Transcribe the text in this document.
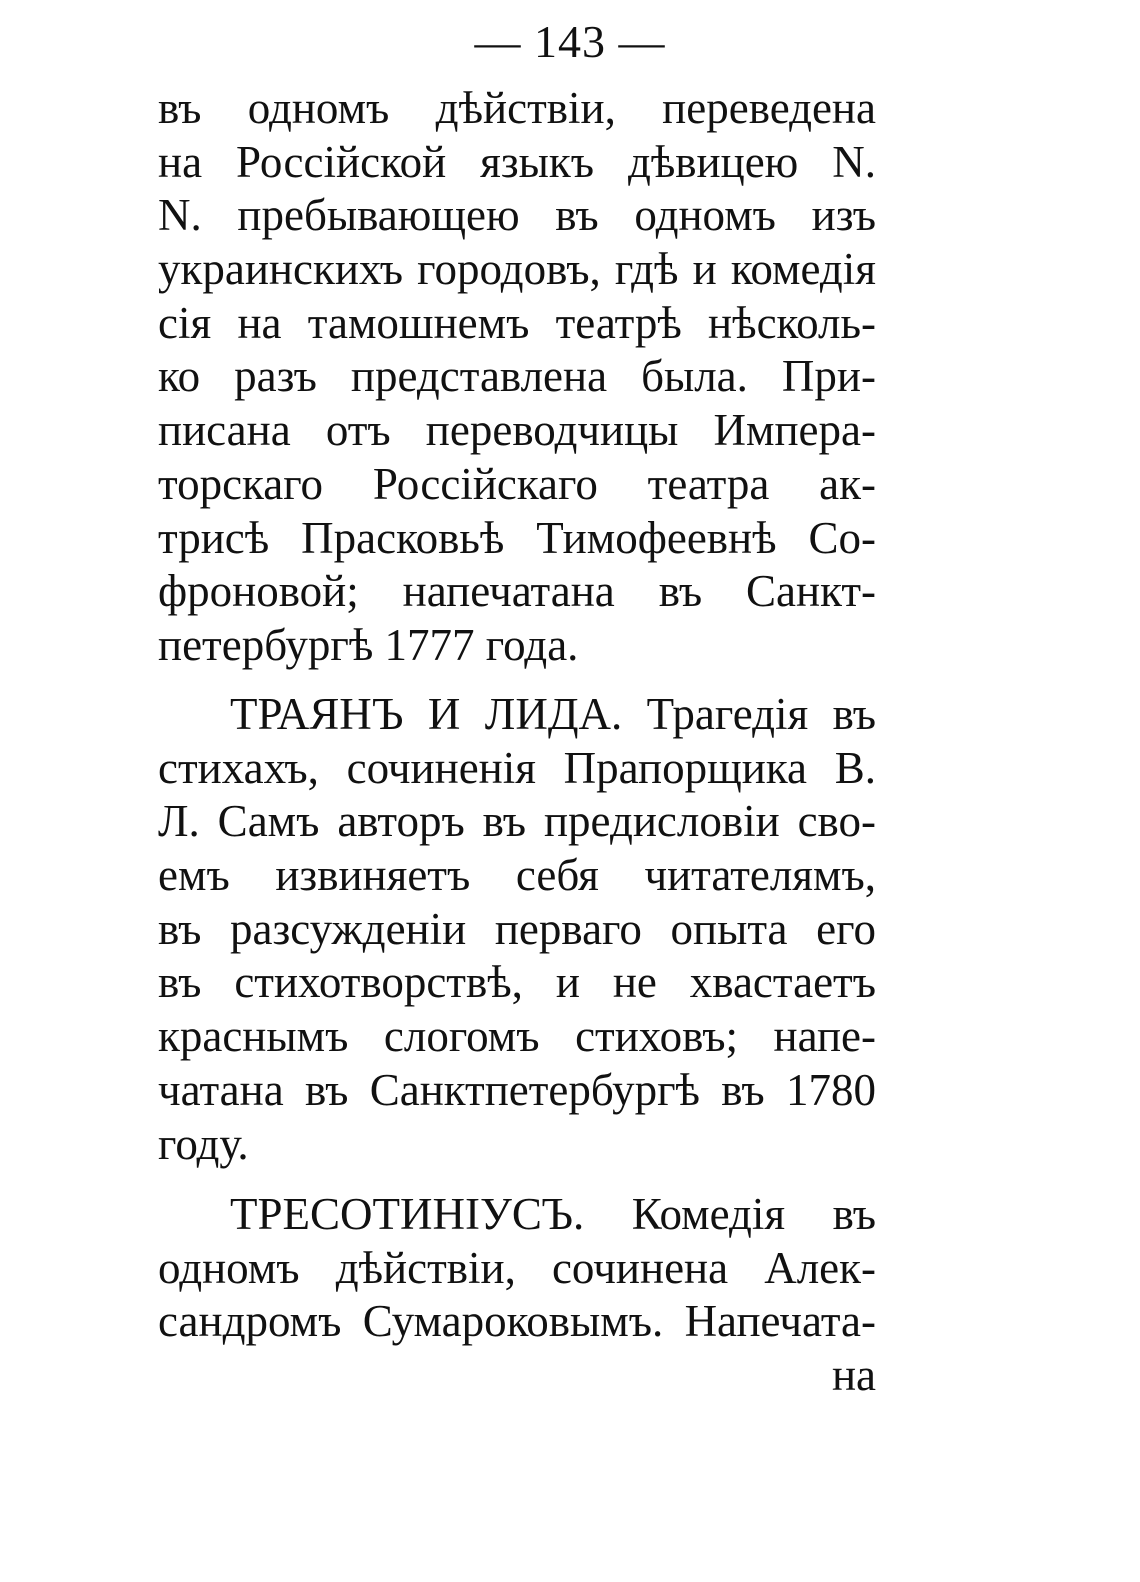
— 143 —
въ одномъ дѣйствіи, переведена
на Россійской языкъ дѣвицею N.
N. пребывающею въ одномъ изъ
украинскихъ городовъ, гдѣ и комедія
сія на тамошнемъ театрѣ нѣсколь-
ко разъ представлена была. При-
писана отъ переводчицы Импера-
торскаго Россійскаго театра ак-
трисѣ Прасковьѣ Тимофеевнѣ Со-
фроновой; напечатана въ Санкт-
петербургѣ 1777 года.
ТРАЯНЪ И ЛИДА. Трагедія въ
стихахъ, сочиненія Прапорщика В.
Л. Самъ авторъ въ предисловіи сво-
емъ извиняетъ себя читателямъ,
въ разсужденіи перваго опыта его
въ стихотворствѣ, и не хвастаетъ
краснымъ слогомъ стиховъ; напе-
чатана въ Санктпетербургѣ въ 1780
году.
ТРЕСОТИНІУСЪ. Комедія въ
одномъ дѣйствіи, сочинена Алек-
сандромъ Сумароковымъ. Напечата-
на
